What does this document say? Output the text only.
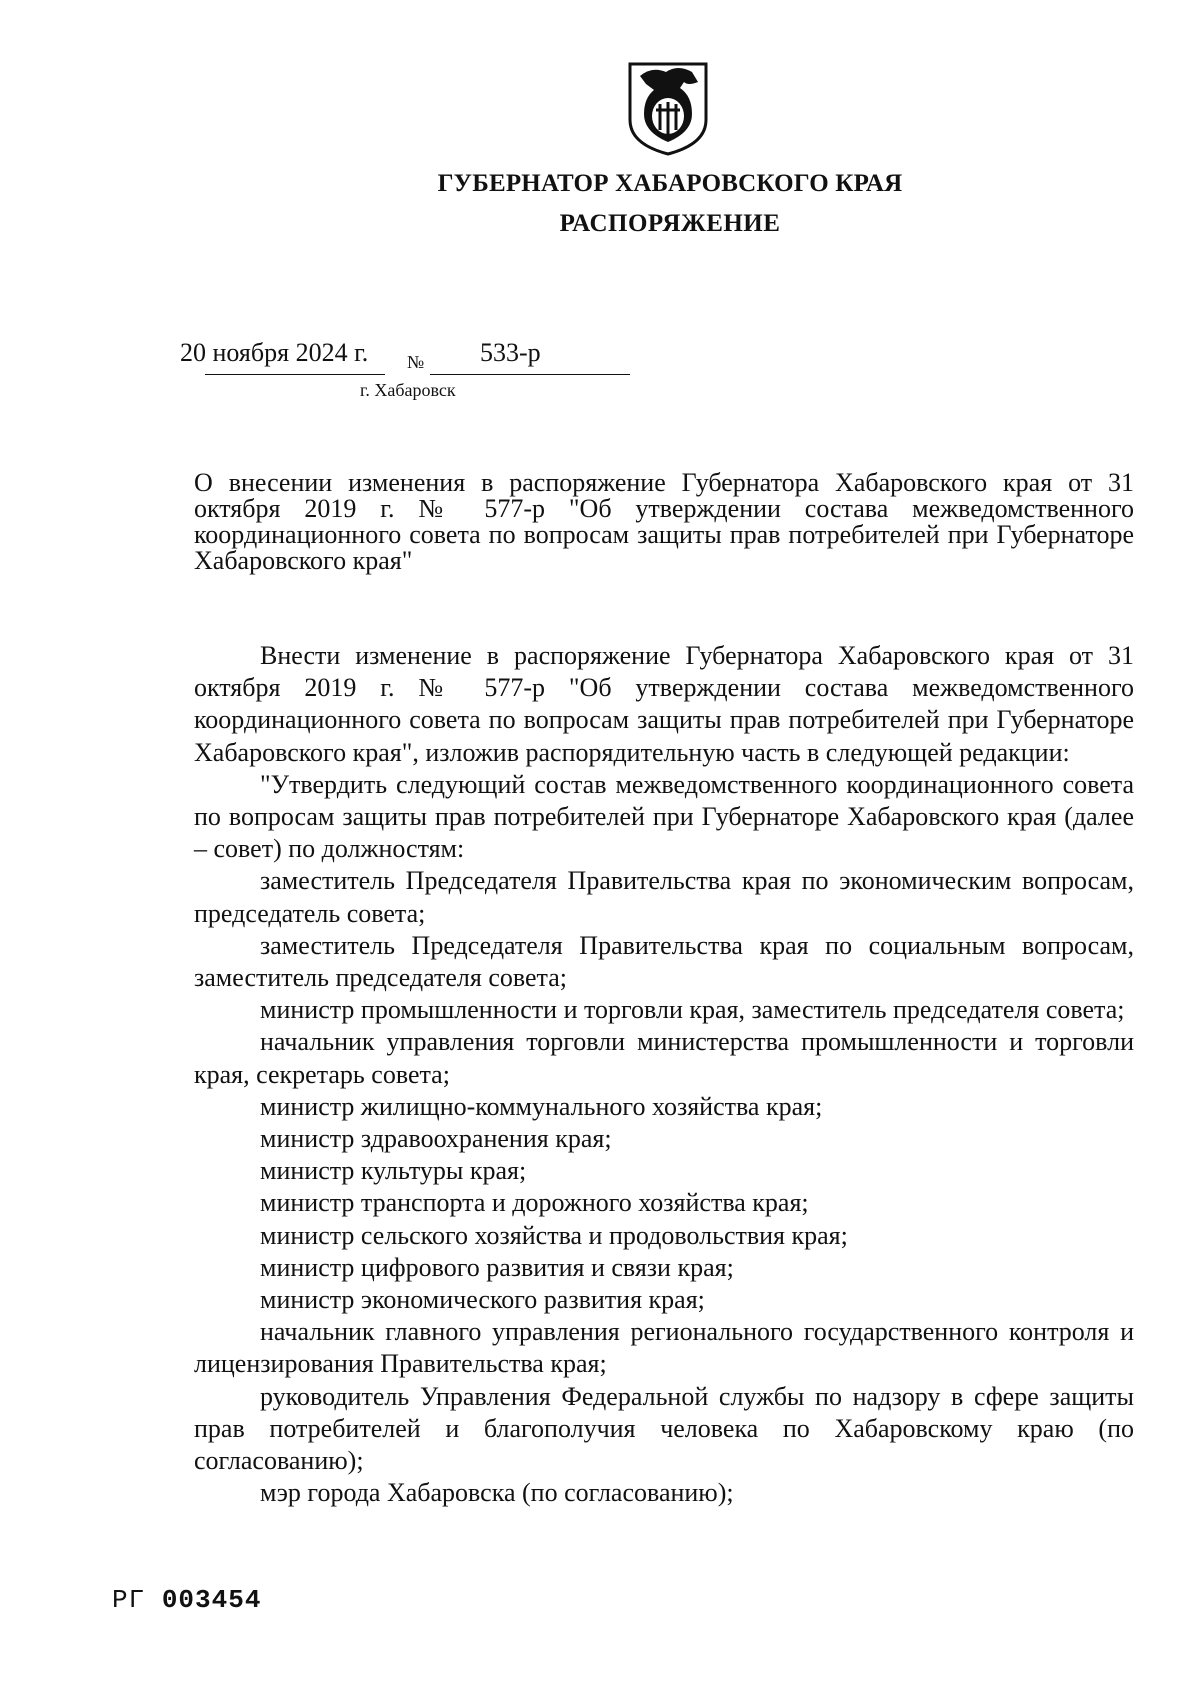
ГУБЕРНАТОР ХАБАРОВСКОГО КРАЯ
РАСПОРЯЖЕНИЕ
20 ноября 2024 г. № 533-р
г. Хабаровск
О внесении изменения в распоряжение Губернатора Хабаровского края от 31 октября 2019 г. № 577-р "Об утверждении состава межведомственного координационного совета по вопросам защиты прав потребителей при Губернаторе Хабаровского края"

Внести изменение в распоряжение Губернатора Хабаровского края от 31 октября 2019 г. № 577-р "Об утверждении состава межведомственного координационного совета по вопросам защиты прав потребителей при Губернаторе Хабаровского края", изложив распорядительную часть в следующей редакции:

"Утвердить следующий состав межведомственного координационного совета по вопросам защиты прав потребителей при Губернаторе Хабаровского края (далее – совет) по должностям:

заместитель Председателя Правительства края по экономическим вопросам, председатель совета;

заместитель Председателя Правительства края по социальным вопросам, заместитель председателя совета;

министр промышленности и торговли края, заместитель председателя совета;

начальник управления торговли министерства промышленности и торговли края, секретарь совета;

министр жилищно-коммунального хозяйства края;

министр здравоохранения края;

министр культуры края;

министр транспорта и дорожного хозяйства края;

министр сельского хозяйства и продовольствия края;

министр цифрового развития и связи края;

министр экономического развития края;

начальник главного управления регионального государственного контроля и лицензирования Правительства края;

руководитель Управления Федеральной службы по надзору в сфере защиты прав потребителей и благополучия человека по Хабаровскому краю (по согласованию);

мэр города Хабаровска (по согласованию);

РГ 003454
